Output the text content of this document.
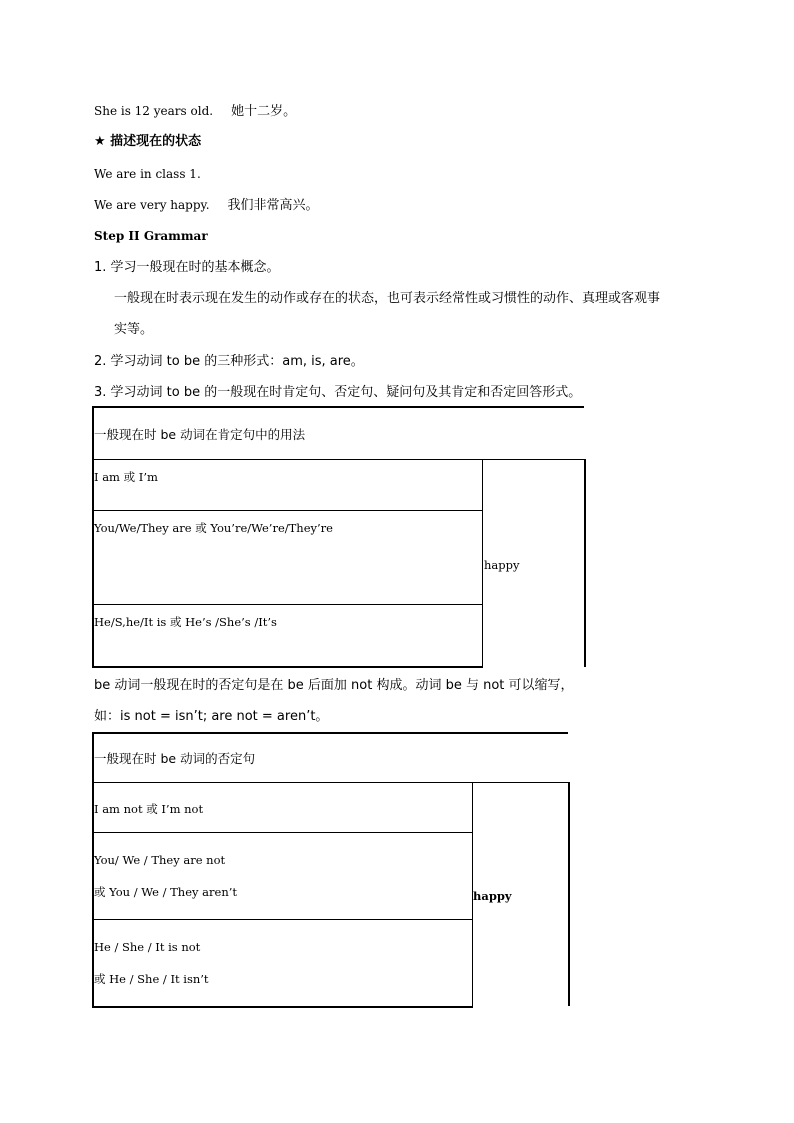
She is 12 years old. 她十二岁。
★ 描述现在的状态
We are in class 1.
We are very happy. 我们非常高兴。
Step II Grammar
1. 学习一般现在时的基本概念。
一般现在时表示现在发生的动作或存在的状态，也可表示经常性或习惯性的动作、真理或客观事
实等。
2. 学习动词 to be 的三种形式：am, is, are。
3. 学习动词 to be 的一般现在时肯定句、否定句、疑问句及其肯定和否定回答形式。
一般现在时 be 动词在肯定句中的用法
I am 或 I’m
You/We/They are 或 You’re/We’re/They’re
He/S,he/It is 或 He’s /She’s /It’s
happy
be 动词一般现在时的否定句是在 be 后面加 not 构成。动词 be 与 not 可以缩写，
如：is not = isn’t; are not = aren’t。
一般现在时 be 动词的否定句
I am not 或 I’m not
You/ We / They are not
或 You / We / They aren’t
He / She / It is not
或 He / She / It isn’t
happy
